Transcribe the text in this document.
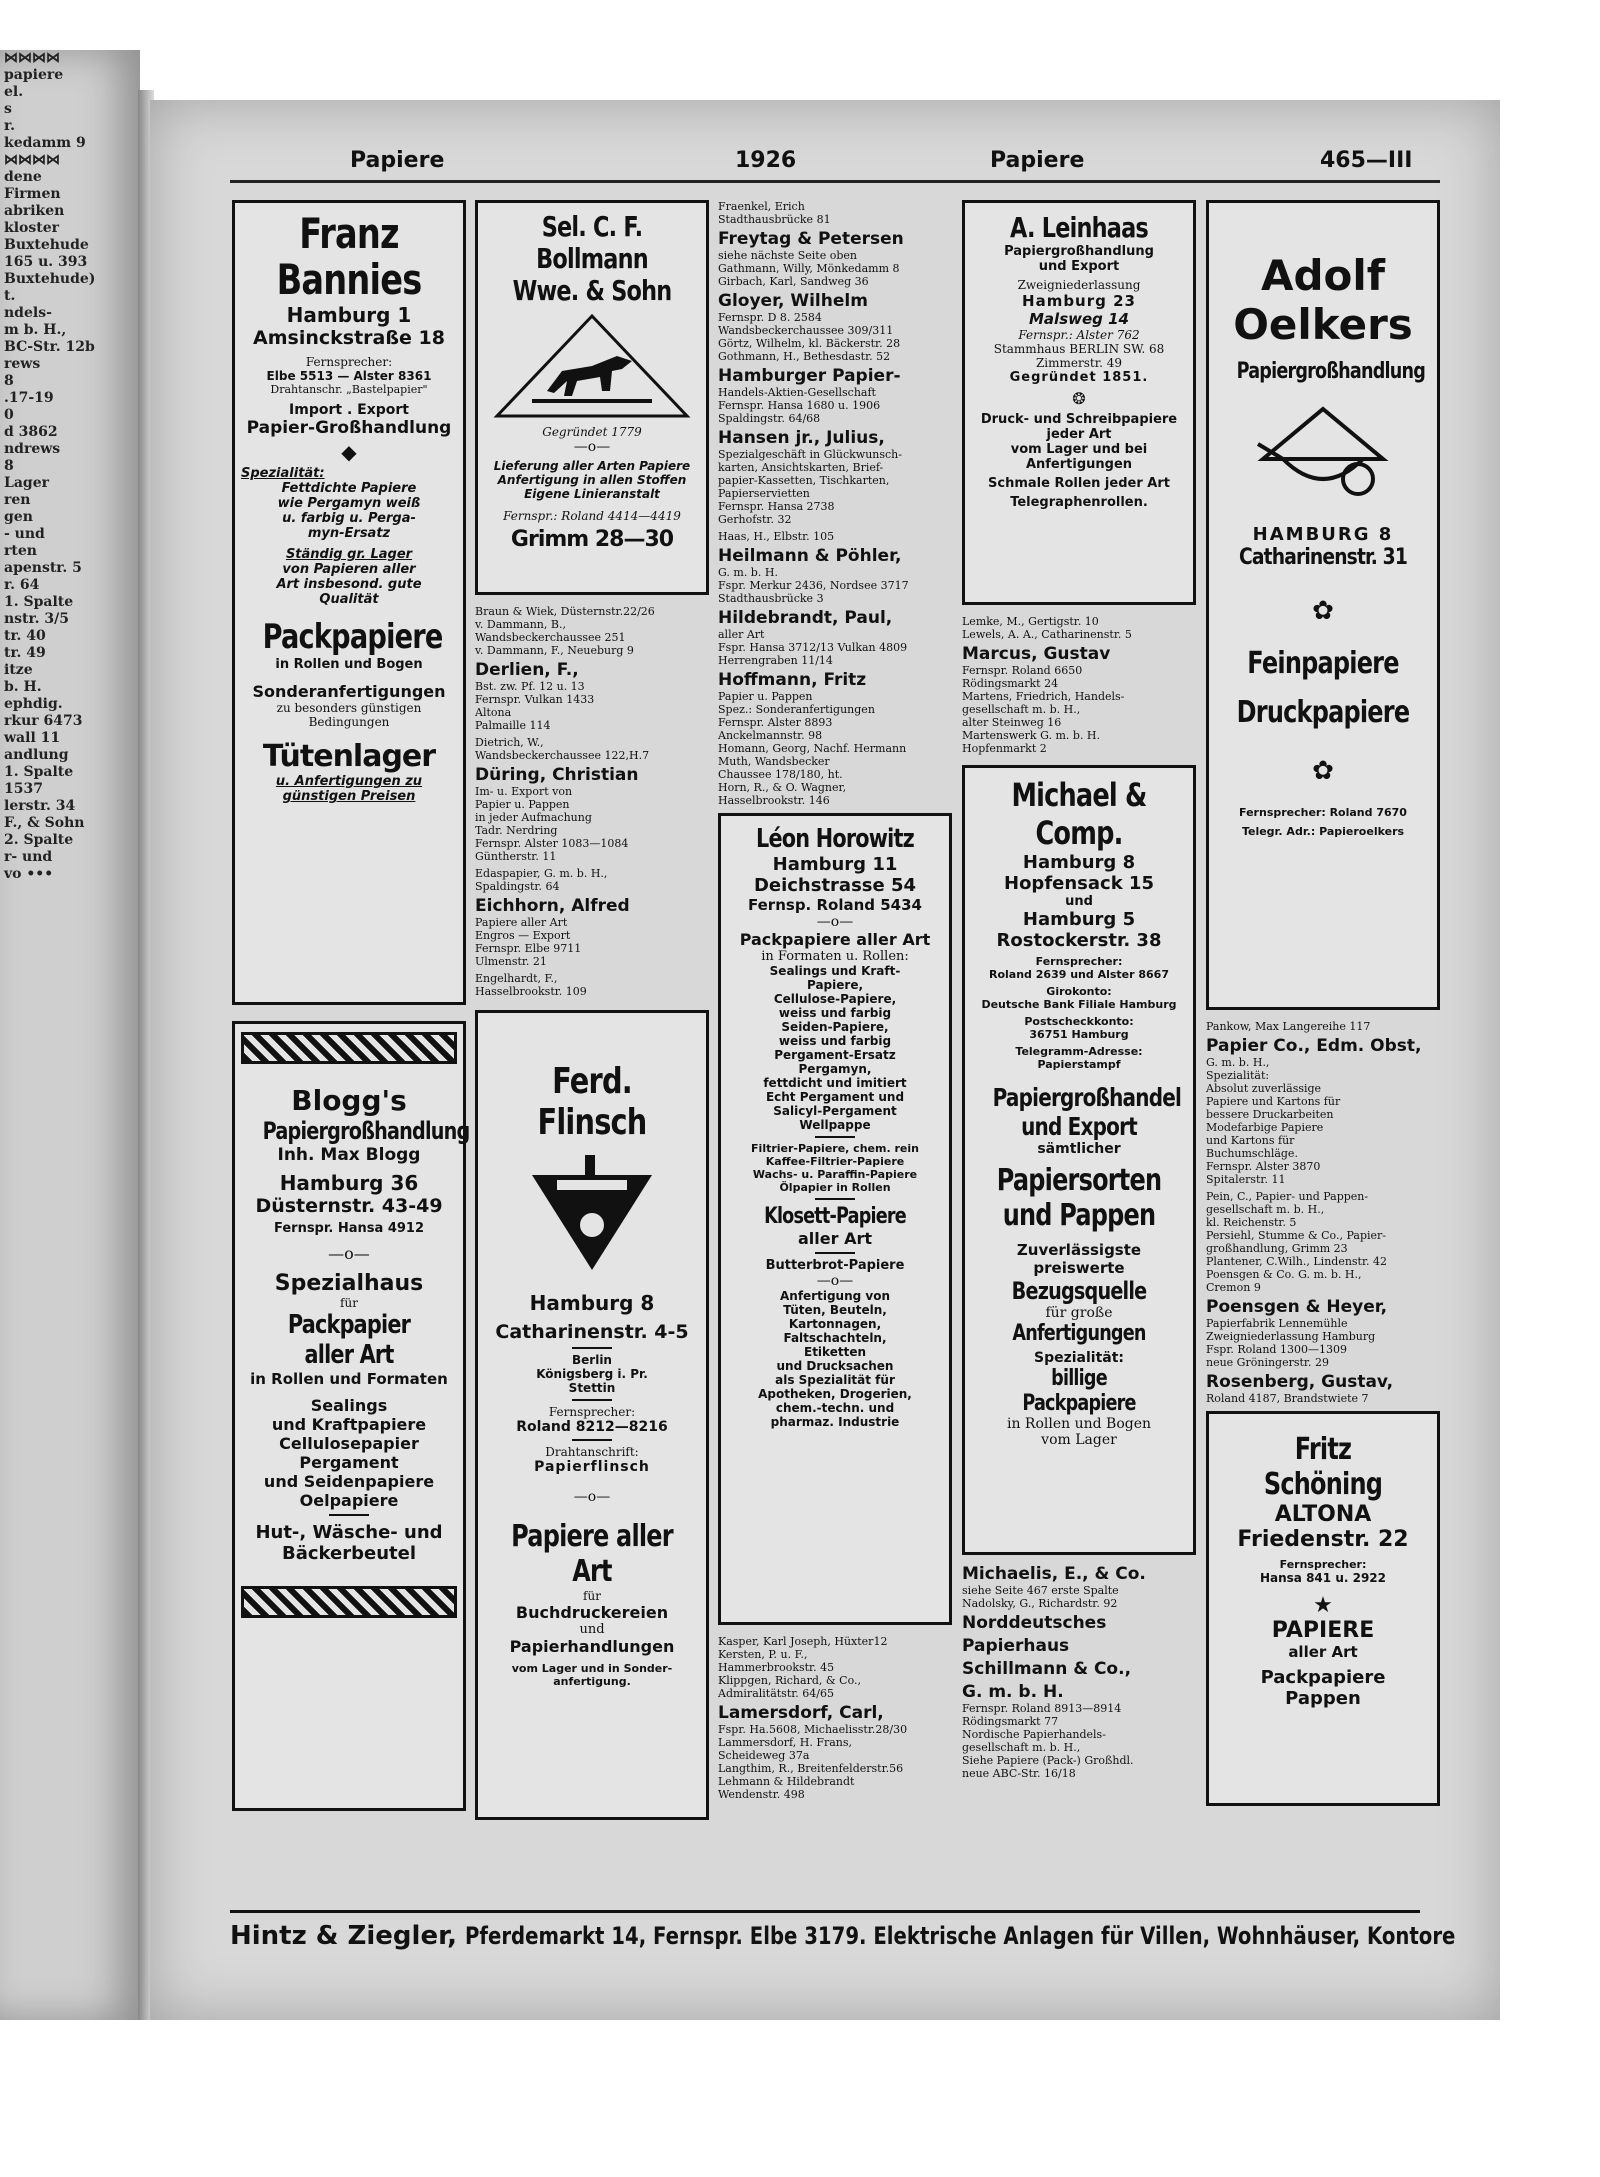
⋈⋈⋈⋈
papiere
el.
s
r.
kedamm 9
⋈⋈⋈⋈
dene
Firmen
abriken
kloster
Buxtehude
165 u. 393
Buxtehude)
t.
ndels-
m b. H.,
BC-Str. 12b
rews
8
.17-19
0
d 3862
ndrews
8
Lager
ren
gen
- und
rten
apenstr. 5
r. 64
1. Spalte
nstr. 3/5
tr. 40
tr. 49
itze
b. H.
ephdig.
rkur 6473
wall 11
andlung
1. Spalte
1537
lerstr. 34
F., & Sohn
2. Spalte
r- und
vo •••
Papiere	1926	Papiere	465—III
Franz Bannies
Hamburg 1
Amsinckstraße 18
Fernsprecher:
Elbe 5513 — Alster 8361
Drahtanschr. „Bastelpapier"
Import . Export
Papier-Großhandlung
◆
Spezialität:
Fettdichte Papiere
wie Pergamyn weiß
u. farbig u. Perga-
myn-Ersatz
Ständig gr. Lager
von Papieren aller
Art insbesond. gute
Qualität
Packpapiere
in Rollen und Bogen
Sonderanfertigungen
zu besonders günstigen
Bedingungen
Tütenlager
u. Anfertigungen zu
günstigen Preisen
Blogg's
Papiergroßhandlung
Inh. Max Blogg
Hamburg 36
Düsternstr. 43-49
Fernspr. Hansa 4912
—o—
Spezialhaus
für
Packpapier aller Art
in Rollen und Formaten
Sealings
und Kraftpapiere
Cellulosepapier
Pergament
und Seidenpapiere
Oelpapiere
Hut-, Wäsche- und
Bäckerbeutel
Sel. C. F. Bollmann
Wwe. & Sohn
Gegründet 1779
—o—
Lieferung aller Arten Papiere
Anfertigung in allen Stoffen
Eigene Linieranstalt
Fernspr.: Roland 4414—4419
Grimm 28—30
Braun & Wiek, Düsternstr.22/26
v. Dammann, B.,
Wandsbeckerchaussee 251
v. Dammann, F., Neueburg 9
Derlien, F.,
Bst. zw. Pf. 12 u. 13
Fernspr. Vulkan 1433
Altona
Palmaille 114
Dietrich, W.,
Wandsbeckerchaussee 122,H.7
Düring, Christian
Im- u. Export von
Papier u. Pappen
in jeder Aufmachung
Tadr. Nerdring
Fernspr. Alster 1083—1084
Güntherstr. 11
Edaspapier, G. m. b. H.,
Spaldingstr. 64
Eichhorn, Alfred
Papiere aller Art
Engros — Export
Fernspr. Elbe 9711
Ulmenstr. 21
Engelhardt, F.,
Hasselbrookstr. 109
Ferd. Flinsch
Hamburg 8
Catharinenstr. 4-5
Berlin
Königsberg i. Pr.
Stettin
Fernsprecher:
Roland 8212—8216
Drahtanschrift:
Papierflinsch
—o—
Papiere aller Art
für
Buchdruckereien
und
Papierhandlungen
vom Lager und in Sonder-
anfertigung.
Fraenkel, Erich
Stadthausbrücke 81
Freytag & Petersen
siehe nächste Seite oben
Gathmann, Willy, Mönkedamm 8
Girbach, Karl, Sandweg 36
Gloyer, Wilhelm
Fernspr. D 8. 2584
Wandsbeckerchaussee 309/311
Görtz, Wilhelm, kl. Bäckerstr. 28
Gothmann, H., Bethesdastr. 52
Hamburger Papier-
Handels-Aktien-Gesellschaft
Fernspr. Hansa 1680 u. 1906
Spaldingstr. 64/68
Hansen jr., Julius,
Spezialgeschäft in Glückwunsch-
karten, Ansichtskarten, Brief-
papier-Kassetten, Tischkarten,
Papierservietten
Fernspr. Hansa 2738
Gerhofstr. 32
Haas, H., Elbstr. 105
Heilmann & Pöhler,
G. m. b. H.
Fspr. Merkur 2436, Nordsee 3717
Stadthausbrücke 3
Hildebrandt, Paul,
aller Art
Fspr. Hansa 3712/13 Vulkan 4809
Herrengraben 11/14
Hoffmann, Fritz
Papier u. Pappen
Spez.: Sonderanfertigungen
Fernspr. Alster 8893
Anckelmannstr. 98
Homann, Georg, Nachf. Hermann
Muth, Wandsbecker
Chaussee 178/180, ht.
Horn, R., & O. Wagner,
Hasselbrookstr. 146
Léon Horowitz
Hamburg 11
Deichstrasse 54
Fernsp. Roland 5434
—o—
Packpapiere aller Art
in Formaten u. Rollen:
Sealings und Kraft-
Papiere,
Cellulose-Papiere,
weiss und farbig
Seiden-Papiere,
weiss und farbig
Pergament-Ersatz
Pergamyn,
fettdicht und imitiert
Echt Pergament und
Salicyl-Pergament
Wellpappe
Filtrier-Papiere, chem. rein
Kaffee-Filtrier-Papiere
Wachs- u. Paraffin-Papiere
Ölpapier in Rollen
Klosett-Papiere
aller Art
Butterbrot-Papiere
—o—
Anfertigung von
Tüten, Beuteln,
Kartonnagen,
Faltschachteln,
Etiketten
und Drucksachen
als Spezialität für
Apotheken, Drogerien,
chem.-techn. und
pharmaz. Industrie
Kasper, Karl Joseph, Hüxter12
Kersten, P. u. F.,
Hammerbrookstr. 45
Klippgen, Richard, & Co.,
Admiralitätstr. 64/65
Lamersdorf, Carl,
Fspr. Ha.5608, Michaelisstr.28/30
Lammersdorf, H. Frans,
Scheideweg 37a
Langthim, R., Breitenfelderstr.56
Lehmann & Hildebrandt
Wendenstr. 498
A. Leinhaas
Papiergroßhandlung
und Export
Zweigniederlassung
Hamburg 23
Malsweg 14
Fernspr.: Alster 762
Stammhaus BERLIN SW. 68
Zimmerstr. 49
Gegründet 1851.
❂
Druck- und Schreibpapiere
jeder Art
vom Lager und bei
Anfertigungen
Schmale Rollen jeder Art
Telegraphenrollen.
Lemke, M., Gertigstr. 10
Lewels, A. A., Catharinenstr. 5
Marcus, Gustav
Fernspr. Roland 6650
Rödingsmarkt 24
Martens, Friedrich, Handels-
gesellschaft m. b. H.,
alter Steinweg 16
Martenswerk G. m. b. H.
Hopfenmarkt 2
Michael & Comp.
Hamburg 8
Hopfensack 15
und
Hamburg 5
Rostockerstr. 38
Fernsprecher:
Roland 2639 und Alster 8667
Girokonto:
Deutsche Bank Filiale Hamburg
Postscheckkonto:
36751 Hamburg
Telegramm-Adresse:
Papierstampf
Papiergroßhandel
und Export
sämtlicher
Papiersorten
und Pappen
Zuverlässigste
preiswerte
Bezugsquelle
für große
Anfertigungen
Spezialität:
billige Packpapiere
in Rollen und Bogen
vom Lager
Michaelis, E., & Co.
siehe Seite 467 erste Spalte
Nadolsky, G., Richardstr. 92
Norddeutsches
Papierhaus
Schillmann & Co.,
G. m. b. H.
Fernspr. Roland 8913—8914
Rödingsmarkt 77
Nordische Papierhandels-
gesellschaft m. b. H.,
Siehe Papiere (Pack-) Großhdl.
neue ABC-Str. 16/18
Adolf
Oelkers
Papiergroßhandlung
HAMBURG 8
Catharinenstr. 31
✿
Feinpapiere
Druckpapiere
✿
Fernsprecher: Roland 7670
Telegr. Adr.: Papieroelkers
Pankow, Max Langereihe 117
Papier Co., Edm. Obst,
G. m. b. H.,
Spezialität:
Absolut zuverlässige
Papiere und Kartons für
bessere Druckarbeiten
Modefarbige Papiere
und Kartons für
Buchumschläge.
Fernspr. Alster 3870
Spitalerstr. 11
Pein, C., Papier- und Pappen-
gesellschaft m. b. H.,
kl. Reichenstr. 5
Persiehl, Stumme & Co., Papier-
großhandlung, Grimm 23
Plantener, C.Wilh., Lindenstr. 42
Poensgen & Co. G. m. b. H.,
Cremon 9
Poensgen & Heyer,
Papierfabrik Lennemühle
Zweigniederlassung Hamburg
Fspr. Roland 1300—1309
neue Gröningerstr. 29
Rosenberg, Gustav,
Roland 4187, Brandstwiete 7
Fritz Schöning
ALTONA
Friedenstr. 22
Fernsprecher:
Hansa 841 u. 2922
★
PAPIERE
aller Art
Packpapiere
Pappen
Hintz & Ziegler, Pferdemarkt 14, Fernspr. Elbe 3179. Elektrische Anlagen für Villen, Wohnhäuser, Kontore
